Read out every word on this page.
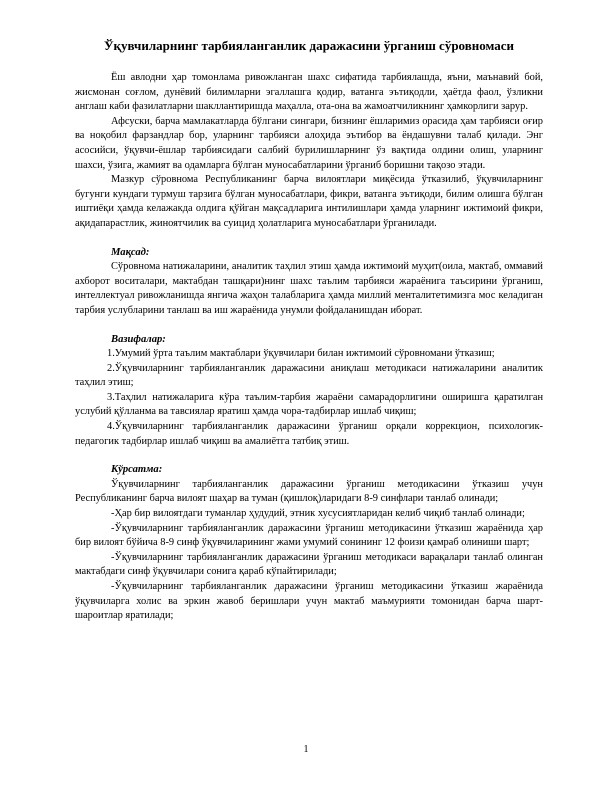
Ўқувчиларнинг тарбияланганлик даражасини ўрганиш сўровномаси

Ёш авлодни ҳар томонлама ривожланган шахс сифатида тарбиялашда, яъни, маънавий бой, жисмонан соғлом, дунёвий билимларни эгаллашга қодир, ватанга эътиқодли, ҳаётда фаол, ўзликни англаш каби фазилатларни шакллантиришда маҳалла, ота-она ва жамоатчиликнинг ҳамкорлиги зарур.

Афсуски, барча мамлакатларда бўлгани сингари, бизнинг ёшларимиз орасида ҳам тарбияси оғир ва ноқобил фарзандлар бор, уларнинг тарбияси алоҳида эътибор ва ёндашувни талаб қилади. Энг асосийси, ўқувчи-ёшлар тарбиясидаги салбий бурилишларнинг ўз вақтида олдини олиш, уларнинг шахси, ўзига, жамият ва одамларга бўлган муносабатларини ўрганиб боришни тақозо этади.

Мазкур сўровнома Республиканинг барча вилоятлари миқёсида ўтказилиб, ўқувчиларнинг бугунги кундаги турмуш тарзига бўлган муносабатлари, фикри, ватанга эътиқоди, билим олишга бўлган иштиёқи ҳамда келажакда олдига қўйган мақсадларига интилишлари ҳамда уларнинг ижтимоий фикри, ақидапарастлик, жиноятчилик ва суицид ҳолатларига муносабатлари ўрганилади.

Мақсад:

Сўровнома натижаларини, аналитик таҳлил этиш ҳамда ижтимоий муҳит(оила, мактаб, оммавий ахборот воситалари, мактабдан ташқари)нинг шахс таълим тарбияси жараёнига таъсирини ўрганиш, интеллектуал ривожланишда янгича жаҳон талабларига ҳамда миллий менталитетимизга мос келадиган тарбия услубларини танлаш ва иш жараёнида унумли фойдаланишдан иборат.

Вазифалар:

1.Умумий ўрта таълим мактаблари ўқувчилари билан ижтимоий сўровномани ўтказиш;

2.Ўқувчиларнинг тарбияланганлик даражасини аниқлаш методикаси натижаларини аналитик таҳлил этиш;

3.Таҳлил натижаларига кўра таълим-тарбия жараёни самарадорлигини оширишга қаратилган услубий қўлланма ва тавсиялар яратиш ҳамда чора-тадбирлар ишлаб чиқиш;

4.Ўқувчиларнинг тарбияланганлик даражасини ўрганиш орқали коррекцион, психологик-педагогик тадбирлар ишлаб чиқиш ва амалиётга татбиқ этиш.

Кўрсатма:

Ўқувчиларнинг тарбияланганлик даражасини ўрганиш методикасини ўтказиш учун Республиканинг барча вилоят шаҳар ва туман (қишлоқ)ларидаги 8-9 синфлари танлаб олинади;

-Ҳар бир вилоятдаги туманлар ҳудудий, этник хусусиятларидан келиб чиқиб танлаб олинади;

-Ўқувчиларнинг тарбияланганлик даражасини ўрганиш методикасини ўтказиш жараёнида ҳар бир вилоят бўйича 8-9 синф ўқувчиларининг жами умумий сонининг 12 фоизи қамраб олиниши шарт;

-Ўқувчиларнинг тарбияланганлик даражасини ўрганиш методикаси варақалари танлаб олинган мактабдаги синф ўқувчилари сонига қараб кўпайтирилади;

-Ўқувчиларнинг тарбияланганлик даражасини ўрганиш методикасини ўтказиш жараёнида ўқувчиларга холис ва эркин жавоб беришлари учун мактаб маъмурияти томонидан барча шарт-шароитлар яратилади;

1
